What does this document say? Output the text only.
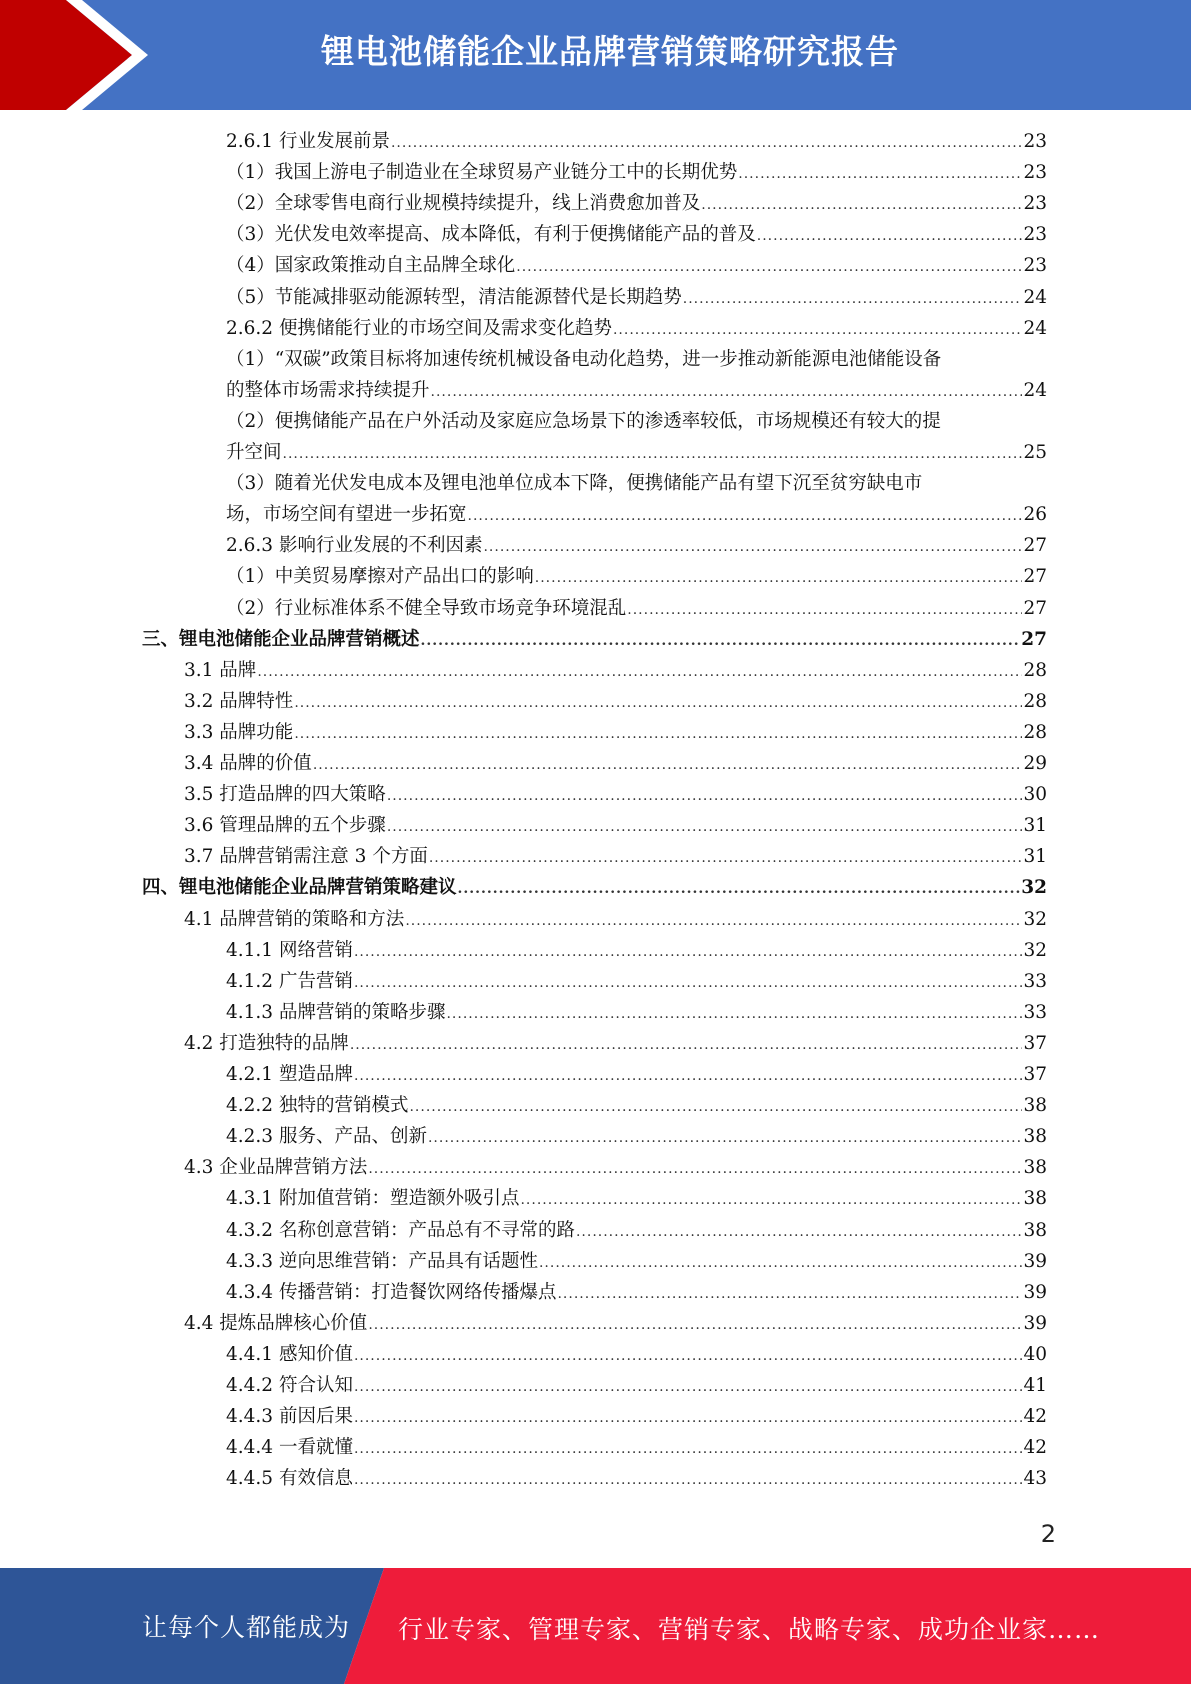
锂电池储能企业品牌营销策略研究报告
2.6.1 行业发展前景 .....	23
（1）我国上游电子制造业在全球贸易产业链分工中的长期优势 .....	23
（2）全球零售电商行业规模持续提升，线上消费愈加普及 .....	23
（3）光伏发电效率提高、成本降低，有利于便携储能产品的普及 .....	23
（4）国家政策推动自主品牌全球化 .....	23
（5）节能减排驱动能源转型，清洁能源替代是长期趋势 .....	24
2.6.2 便携储能行业的市场空间及需求变化趋势 .....	24
（1）“双碳”政策目标将加速传统机械设备电动化趋势，进一步推动新能源电池储能设备
的整体市场需求持续提升 .....	24
（2）便携储能产品在户外活动及家庭应急场景下的渗透率较低，市场规模还有较大的提
升空间 .....	25
（3）随着光伏发电成本及锂电池单位成本下降，便携储能产品有望下沉至贫穷缺电市
场，市场空间有望进一步拓宽 .....	26
2.6.3 影响行业发展的不利因素 .....	27
（1）中美贸易摩擦对产品出口的影响 .....	27
（2）行业标准体系不健全导致市场竞争环境混乱 .....	27
三、锂电池储能企业品牌营销概述 .....	27
3.1 品牌 .....	28
3.2 品牌特性 .....	28
3.3 品牌功能 .....	28
3.4 品牌的价值 .....	29
3.5 打造品牌的四大策略 .....	30
3.6 管理品牌的五个步骤 .....	31
3.7 品牌营销需注意 3 个方面 .....	31
四、锂电池储能企业品牌营销策略建议 .....	32
4.1 品牌营销的策略和方法 .....	32
4.1.1 网络营销 .....	32
4.1.2 广告营销 .....	33
4.1.3 品牌营销的策略步骤 .....	33
4.2 打造独特的品牌 .....	37
4.2.1 塑造品牌 .....	37
4.2.2 独特的营销模式 .....	38
4.2.3 服务、产品、创新 .....	38
4.3 企业品牌营销方法 .....	38
4.3.1 附加值营销：塑造额外吸引点 .....	38
4.3.2 名称创意营销：产品总有不寻常的路 .....	38
4.3.3 逆向思维营销：产品具有话题性 .....	39
4.3.4 传播营销：打造餐饮网络传播爆点 .....	39
4.4 提炼品牌核心价值 .....	39
4.4.1 感知价值 .....	40
4.4.2 符合认知 .....	41
4.4.3 前因后果 .....	42
4.4.4 一看就懂 .....	42
4.4.5 有效信息 .....	43
2
让每个人都能成为 行业专家、管理专家、营销专家、战略专家、成功企业家……
